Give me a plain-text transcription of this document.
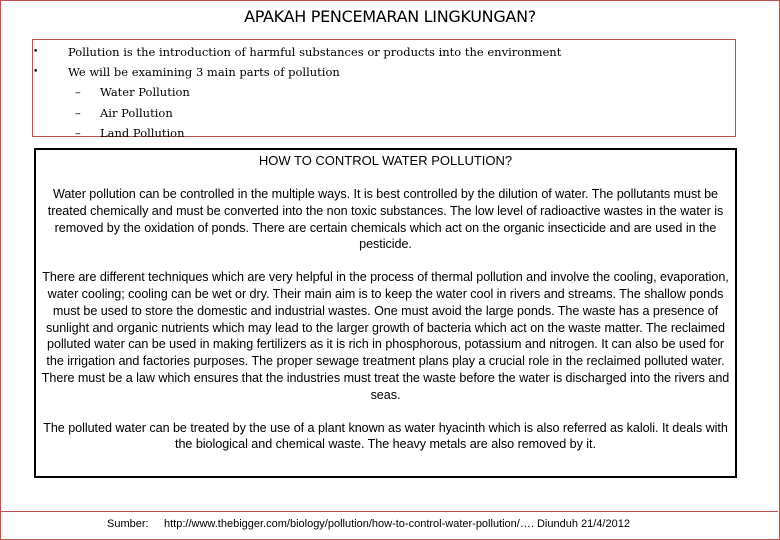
APAKAH PENCEMARAN LINGKUNGAN?
•	Pollution is the introduction of harmful substances or products into the environment
•	We will be examining 3 main parts of pollution
– Water Pollution
– Air Pollution
– Land Pollution
HOW TO CONTROL WATER POLLUTION?
Water pollution can be controlled in the multiple ways. It is best controlled by the dilution of water. The pollutants must be treated chemically and must be converted into the non toxic substances. The low level of radioactive wastes in the water is removed by the oxidation of ponds. There are certain chemicals which act on the organic insecticide and are used in the pesticide.
There are different techniques which are very helpful in the process of thermal pollution and involve the cooling, evaporation, water cooling; cooling can be wet or dry. Their main aim is to keep the water cool in rivers and streams. The shallow ponds must be used to store the domestic and industrial wastes. One must avoid the large ponds. The waste has a presence of sunlight and organic nutrients which may lead to the larger growth of bacteria which act on the waste matter. The reclaimed polluted water can be used in making fertilizers as it is rich in phosphorous, potassium and nitrogen. It can also be used for the irrigation and factories purposes. The proper sewage treatment plans play a crucial role in the reclaimed polluted water. There must be a law which ensures that the industries must treat the waste before the water is discharged into the rivers and seas.
The polluted water can be treated by the use of a plant known as water hyacinth which is also referred as kaloli. It deals with the biological and chemical waste. The heavy metals are also removed by it.
Sumber: http://www.thebigger.com/biology/pollution/how-to-control-water-pollution/…. Diunduh 21/4/2012
